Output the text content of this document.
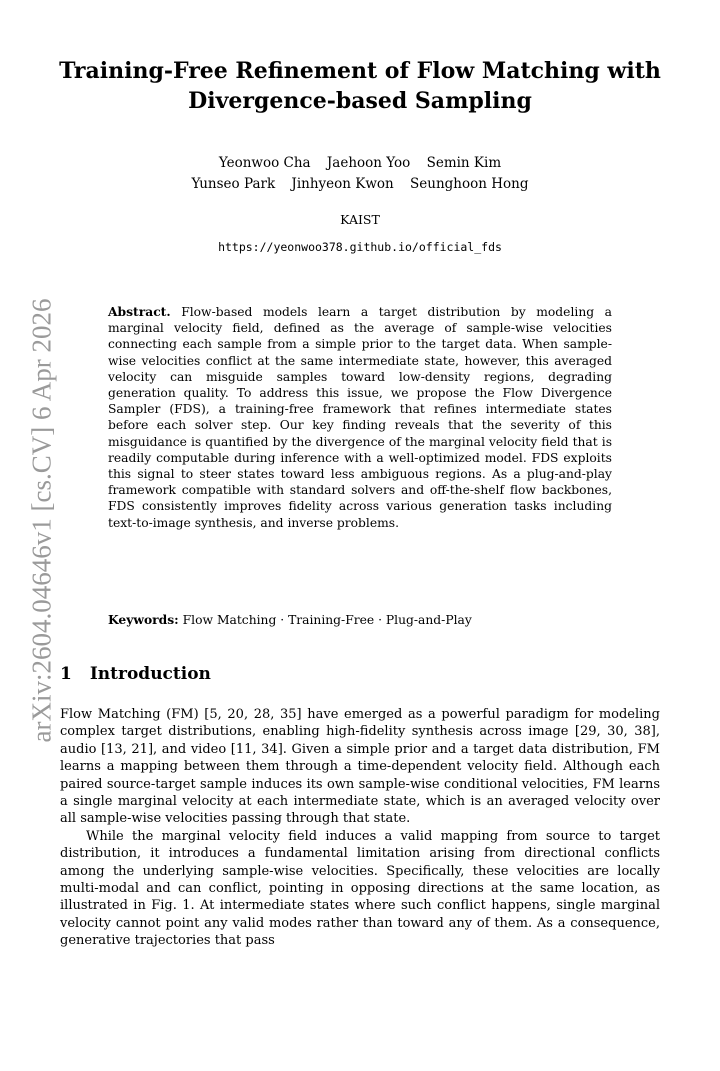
Training-Free Refinement of Flow Matching with
Divergence-based Sampling
Yeonwoo Cha Jaehoon Yoo Semin Kim
Yunseo Park Jinhyeon Kwon Seunghoon Hong
KAIST
https://yeonwoo378.github.io/official_fds
arXiv:2604.04646v1 [cs.CV] 6 Apr 2026	Abstract. Flow-based models learn a target distribution by modeling a marginal velocity field, defined as the average of sample-wise velocities connecting each sample from a simple prior to the target data. When sample-wise velocities conflict at the same intermediate state, however, this averaged velocity can misguide samples toward low-density regions, degrading generation quality. To address this issue, we propose the Flow Divergence Sampler (FDS), a training-free framework that refines intermediate states before each solver step. Our key finding reveals that the severity of this misguidance is quantified by the divergence of the marginal velocity field that is readily computable during inference with a well-optimized model. FDS exploits this signal to steer states toward less ambiguous regions. As a plug-and-play framework compatible with standard solvers and off-the-shelf flow backbones, FDS consistently improves fidelity across various generation tasks including text-to-image synthesis, and inverse problems.
Keywords: Flow Matching · Training-Free · Plug-and-Play
1 Introduction

Flow Matching (FM) [5, 20, 28, 35] have emerged as a powerful paradigm for modeling complex target distributions, enabling high-fidelity synthesis across image [29, 30, 38], audio [13, 21], and video [11, 34]. Given a simple prior and a target data distribution, FM learns a mapping between them through a time-dependent velocity field. Although each paired source-target sample induces its own sample-wise conditional velocities, FM learns a single marginal velocity at each intermediate state, which is an averaged velocity over all sample-wise velocities passing through that state.

While the marginal velocity field induces a valid mapping from source to target distribution, it introduces a fundamental limitation arising from directional conflicts among the underlying sample-wise velocities. Specifically, these velocities are locally multi-modal and can conflict, pointing in opposing directions at the same location, as illustrated in Fig. 1. At intermediate states where such conflict happens, single marginal velocity cannot point any valid modes rather than toward any of them. As a consequence, generative trajectories that pass
